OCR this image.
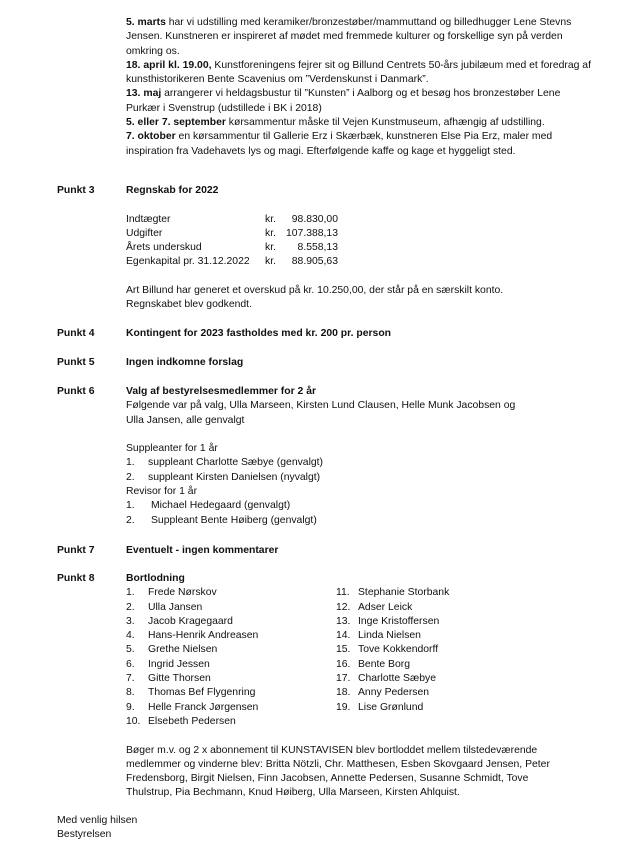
5. marts har vi udstilling med keramiker/bronzestøber/mammuttand og billedhugger Lene Stevns Jensen. Kunstneren er inspireret af mødet med fremmede kulturer og forskellige syn på verden omkring os.

18. april kl. 19.00, Kunstforeningens fejrer sit og Billund Centrets 50-års jubilæum med et foredrag af kunsthistorikeren Bente Scavenius om ”Verdenskunst i Danmark”.

13. maj arrangerer vi heldagsbustur til ”Kunsten” i Aalborg og et besøg hos bronzestøber Lene Purkær i Svenstrup (udstillede i BK i 2018)

5. eller 7. september kørsammentur måske til Vejen Kunstmuseum, afhængig af udstilling.

7. oktober en kørsammentur til Gallerie Erz i Skærbæk, kunstneren Else Pia Erz, maler med inspiration fra Vadehavets lys og magi. Efterfølgende kaffe og kage et hyggeligt sted.

Punkt 3	Regnskab for 2022

Indtægter	kr.	98.830,00
Udgifter	kr.	107.388,13
Årets underskud	kr.	8.558,13
Egenkapital pr. 31.12.2022	kr.	88.905,63

Art Billund har generet et overskud på kr. 10.250,00, der står på en særskilt konto.

Regnskabet blev godkendt.

Punkt 4	Kontingent for 2023 fastholdes med kr. 200 pr. person

Punkt 5	Ingen indkomne forslag

Punkt 6	Valg af bestyrelsesmedlemmer for 2 år

Følgende var på valg, Ulla Marseen, Kirsten Lund Clausen, Helle Munk Jacobsen og

Ulla Jansen, alle genvalgt

Suppleanter for 1 år

1. suppleant Charlotte Sæbye (genvalgt)
2. suppleant Kirsten Danielsen (nyvalgt)

Revisor for 1 år

1. Michael Hedegaard (genvalgt)
2. Suppleant Bente Høiberg (genvalgt)
Punkt 7	Eventuelt - ingen kommentarer

Punkt 8	Bortlodning

1. Frede Nørskov
2. Ulla Jansen
3. Jacob Kragegaard
4. Hans-Henrik Andreasen
5. Grethe Nielsen
6. Ingrid Jessen
7. Gitte Thorsen
8. Thomas Bef Flygenring
9. Helle Franck Jørgensen
10. Elsebeth Pedersen
11. Stephanie Storbank
12. Adser Leick
13. Inge Kristoffersen
14. Linda Nielsen
15. Tove Kokkendorff
16. Bente Borg
17. Charlotte Sæbye
18. Anny Pedersen
19. Lise Grønlund

Bøger m.v. og 2 x abonnement til KUNSTAVISEN blev bortloddet mellem tilstedeværende medlemmer og vinderne blev: Britta Nötzli, Chr. Matthesen, Esben Skovgaard Jensen, Peter Fredensborg, Birgit Nielsen, Finn Jacobsen, Annette Pedersen, Susanne Schmidt, Tove Thulstrup, Pia Bechmann, Knud Høiberg, Ulla Marseen, Kirsten Ahlquist.

Med venlig hilsen

Bestyrelsen
